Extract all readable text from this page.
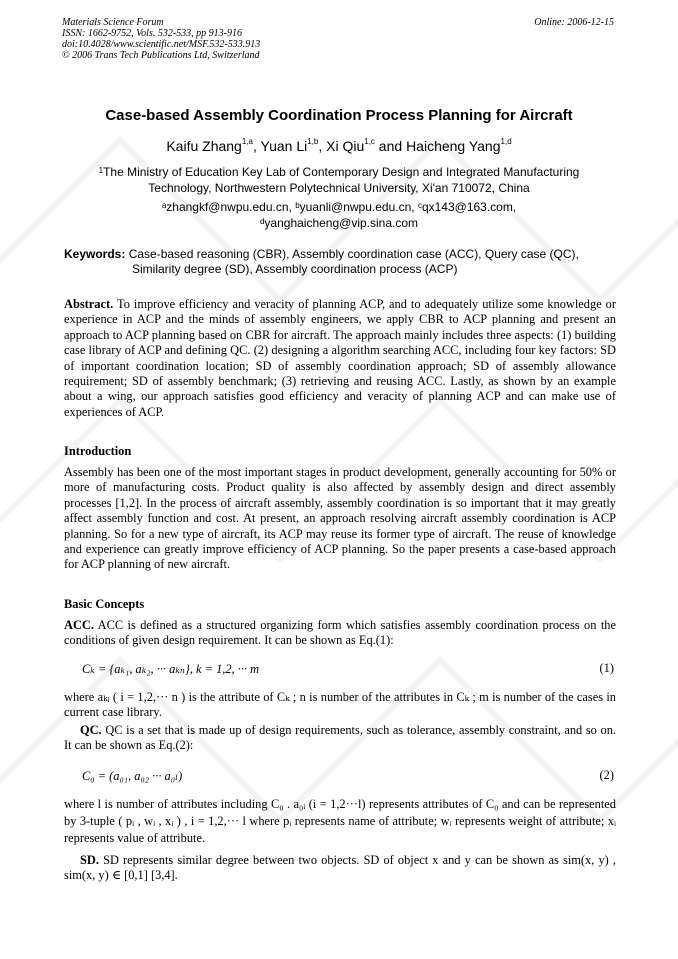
Materials Science Forum
ISSN: 1662-9752, Vols. 532-533, pp 913-916
doi:10.4028/www.scientific.net/MSF.532-533.913
© 2006 Trans Tech Publications Ltd, Switzerland
Online: 2006-12-15
Case-based Assembly Coordination Process Planning for Aircraft
Kaifu Zhang$^{1,a}$, Yuan Li$^{1,b}$, Xi Qiu$^{1,c}$ and Haicheng Yang$^{1,d}$
$^1$The Ministry of Education Key Lab of Contemporary Design and Integrated Manufacturing
Technology, Northwestern Polytechnical University, Xi'an 710072, China
$^a$zhangkf@nwpu.edu.cn, $^b$yuanli@nwpu.edu.cn, $^c$qx143@163.com,
$^d$yanghaicheng@vip.sina.com
Keywords: Case-based reasoning (CBR), Assembly coordination case (ACC), Query case (QC),
Similarity degree (SD), Assembly coordination process (ACP)
Abstract. To improve efficiency and veracity of planning ACP, and to adequately utilize some knowledge or experience in ACP and the minds of assembly engineers, we apply CBR to ACP planning and present an approach to ACP planning based on CBR for aircraft. The approach mainly includes three aspects: (1) building case library of ACP and defining QC. (2) designing a algorithm searching ACC, including four key factors: SD of important coordination location; SD of assembly coordination approach; SD of assembly allowance requirement; SD of assembly benchmark; (3) retrieving and reusing ACC. Lastly, as shown by an example about a wing, our approach satisfies good efficiency and veracity of planning ACP and can make use of experiences of ACP.
Introduction
Assembly has been one of the most important stages in product development, generally accounting for 50% or more of manufacturing costs. Product quality is also affected by assembly design and direct assembly processes [1,2]. In the process of aircraft assembly, assembly coordination is so important that it may greatly affect assembly function and cost. At present, an approach resolving aircraft assembly coordination is ACP planning. So for a new type of aircraft, its ACP may reuse its former type of aircraft. The reuse of knowledge and experience can greatly improve efficiency of ACP planning. So the paper presents a case-based approach for ACP planning of new aircraft.
Basic Concepts
ACC. ACC is defined as a structured organizing form which satisfies assembly coordination process on the conditions of given design requirement. It can be shown as Eq.(1):
Cₖ = {aₖ₁, aₖ₂, ··· aₖₙ}, k = 1,2, ··· m	(1)
where aₖᵢ ( i = 1,2,··· n ) is the attribute of Cₖ ; n is number of the attributes in Cₖ ; m is number of the cases in current case library.
QC. QC is a set that is made up of design requirements, such as tolerance, assembly constraint, and so on. It can be shown as Eq.(2):
C₀ = (a₀₁, a₀₂ ··· a₀ₗ)	(2)
where l is number of attributes including C₀ . a₀ᵢ (i = 1,2···l) represents attributes of C₀ and can be represented by 3-tuple ( pᵢ , wᵢ , xᵢ ) , i = 1,2,··· l where pᵢ represents name of attribute; wᵢ represents weight of attribute; xᵢ represents value of attribute.
SD. SD represents similar degree between two objects. SD of object x and y can be shown as sim(x, y) , sim(x, y) ∈ [0,1] [3,4].
